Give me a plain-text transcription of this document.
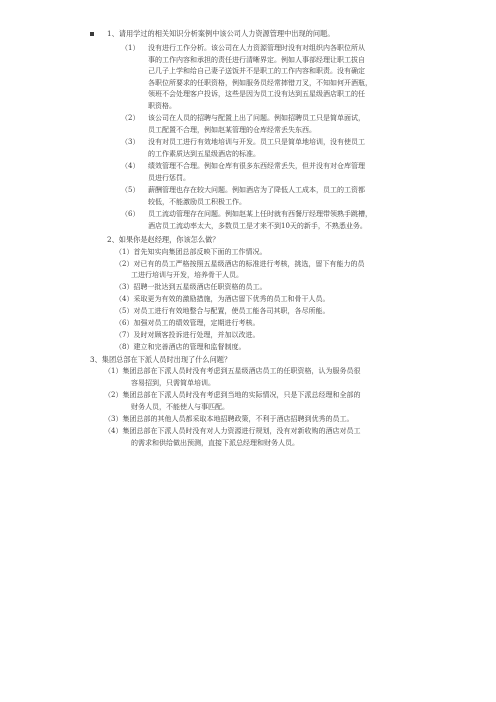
1、请用学过的相关知识分析案例中该公司人力资源管理中出现的问题。
（1） 没有进行工作分析。该公司在人力资源管理时没有对组织内各职位所从
事的工作内容和承担的责任进行清晰界定。例如人事部经理让职工拔自
己几子上学和给自己妻子送饭并不是职工的工作内容和职责。没有确定
各职位所要求的任职资格，例如服务员经常摔错刀叉，不知如何开酒瓶，
领班不会处理客户投诉，这些是因为员工没有达到五星级酒店职工的任
职资格。
（2） 该公司在人员的招聘与配置上出了问题。例如招聘员工只是简单面试，
员工配置不合理，例如赵某管理的仓库经常丢失东西。
（3） 没有对员工进行有效地培训与开发。员工只是简单地培训，没有使员工
的工作素质达到五星级酒店的标准。
（4） 绩效管理不合理。例如仓库有很多东西经常丢失，但并没有对仓库管理
员进行惩罚。
（5） 薪酬管理也存在较大问题。例如酒店为了降低人工成本，员工的工资都
较低，不能激励员工积极工作。
（6） 员工流动管理存在问题。例如赵某上任时就有西餐厅经理带领熟手跳槽，
酒店员工流动率太大，多数员工是才来不到10天的新手，不熟悉业务。
2、如果你是赵经理，你该怎么做？
（1）首先知实向集团总部反映下面的工作情况。
（2）对已有的员工严格按照五星级酒店的标准进行考核，挑选，留下有能力的员
工进行培训与开发，培养骨干人员。
（3）招聘一批达到五星级酒店任职资格的员工。
（4）采取更为有效的激励措施，为酒店留下优秀的员工和骨干人员。
（5）对员工进行有效地整合与配置，使员工能各司其职，各尽所能。
（6）加强对员工的绩效管理，定期进行考核。
（7）及时对顾客投诉进行处理，并加以改进。
（8）建立和完善酒店的管理和监督制度。
3、集团总部在下派人员时出现了什么问题？
（1）集团总部在下派人员时没有考虑到五星级酒店员工的任职资格，认为服务员很
容易招到，只需简单培训。
（2）集团总部在下派人员时没有考虑到当地的实际情况，只是下派总经理和全部的
财务人员，不能使人与事匹配。
（3）集团总部的其他人员都采取本地招聘政策，不利于酒店招聘到优秀的员工。
（4）集团总部在下派人员时没有对人力资源进行规划，没有对新收购的酒店对员工
的需求和供给做出预测，直接下派总经理和财务人员。
